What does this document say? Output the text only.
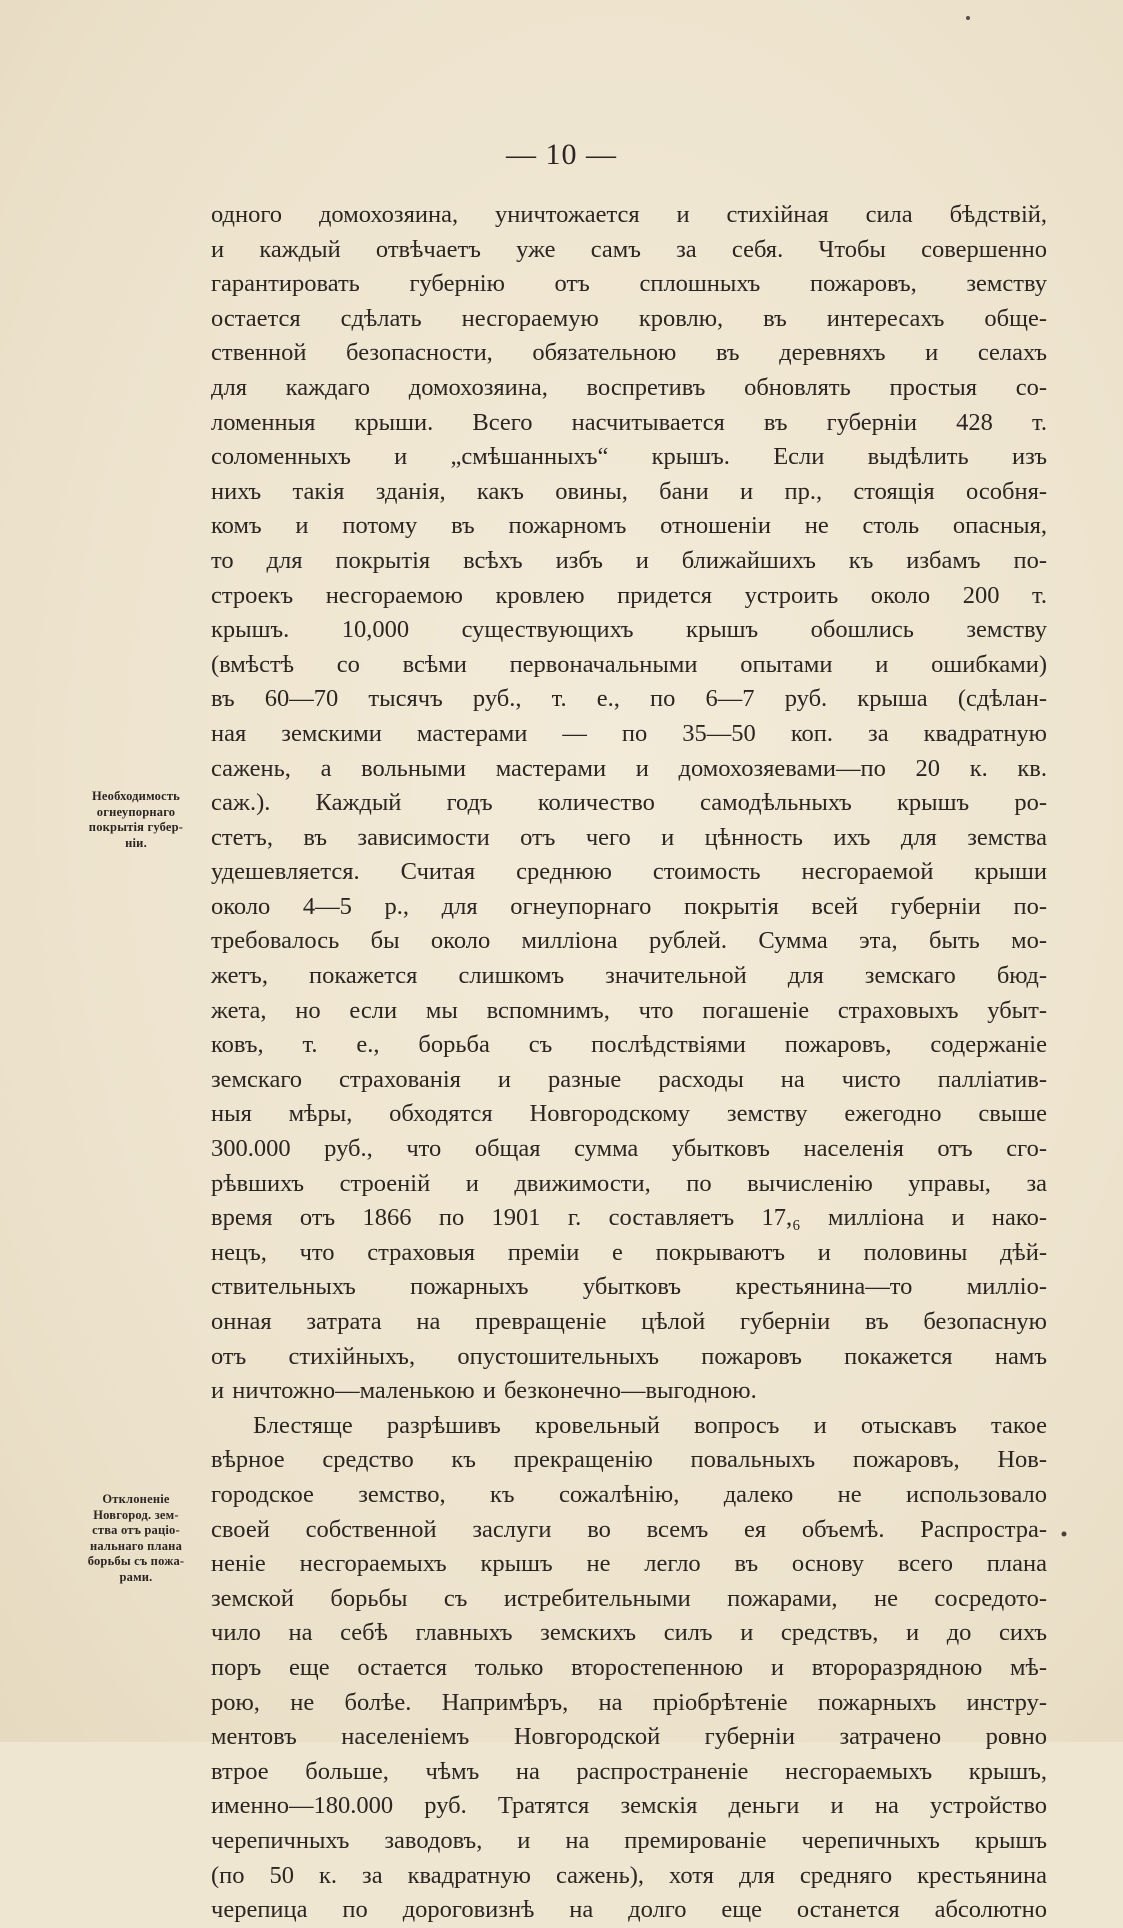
— 10 —
Необходимость
огнеупорнаго
покрытія губер-
ніи.
Отклоненіе
Новгород. зем-
ства отъ раціо-
нальнаго плана
борьбы съ пожа-
рами.
одного домохозяина, уничтожается и стихійная сила бѣдствій,
и каждый отвѣчаетъ уже самъ за себя. Чтобы совершенно
гарантировать губернію отъ сплошныхъ пожаровъ, земству
остается сдѣлать несгораемую кровлю, въ интересахъ обще-
ственной безопасности, обязательною въ деревняхъ и селахъ
для каждаго домохозяина, воспретивъ обновлять простыя со-
ломенныя крыши. Всего насчитывается въ губерніи 428 т.
соломенныхъ и „смѣшанныхъ“ крышъ. Если выдѣлить изъ
нихъ такія зданія, какъ овины, бани и пр., стоящія особня-
комъ и потому въ пожарномъ отношеніи не столь опасныя,
то для покрытія всѣхъ избъ и ближайшихъ къ избамъ по-
строекъ несгораемою кровлею придется устроить около 200 т.
крышъ. 10,000 существующихъ крышъ обошлись земству
(вмѣстѣ со всѣми первоначальными опытами и ошибками)
въ 60—70 тысячъ руб., т. е., по 6—7 руб. крыша (сдѣлан-
ная земскими мастерами — по 35—50 коп. за квадратную
сажень, а вольными мастерами и домохозяевами—по 20 к. кв.
саж.). Каждый годъ количество самодѣльныхъ крышъ ро-
стетъ, въ зависимости отъ чего и цѣнность ихъ для земства
удешевляется. Считая среднюю стоимость несгораемой крыши
около 4—5 р., для огнеупорнаго покрытія всей губерніи по-
требовалось бы около милліона рублей. Сумма эта, быть мо-
жетъ, покажется слишкомъ значительной для земскаго бюд-
жета, но если мы вспомнимъ, что погашеніе страховыхъ убыт-
ковъ, т. е., борьба съ послѣдствіями пожаровъ, содержаніе
земскаго страхованія и разные расходы на чисто палліатив-
ныя мѣры, обходятся Новгородскому земству ежегодно свыше
300.000 руб., что общая сумма убытковъ населенія отъ сго-
рѣвшихъ строеній и движимости, по вычисленію управы, за
время отъ 1866 по 1901 г. составляетъ 17,₆ милліона и нако-
нецъ, что страховыя преміи е покрываютъ и половины дѣй-
ствительныхъ пожарныхъ убытковъ крестьянина—то милліо-
онная затрата на превращеніе цѣлой губерніи въ безопасную
отъ стихійныхъ, опустошительныхъ пожаровъ покажется намъ
и ничтожно—маленькою и безконечно—выгодною.
Блестяще разрѣшивъ кровельный вопросъ и отыскавъ такое
вѣрное средство къ прекращенію повальныхъ пожаровъ, Нов-
городское земство, къ сожалѣнію, далеко не использовало
своей собственной заслуги во всемъ ея объемѣ. Распростра-
неніе несгораемыхъ крышъ не легло въ основу всего плана
земской борьбы съ истребительными пожарами, не сосредото-
чило на себѣ главныхъ земскихъ силъ и средствъ, и до сихъ
поръ еще остается только второстепенною и второразрядною мѣ-
рою, не болѣе. Напримѣръ, на пріобрѣтеніе пожарныхъ инстру-
ментовъ населеніемъ Новгородской губерніи затрачено ровно
втрое больше, чѣмъ на распространеніе несгораемыхъ крышъ,
именно—180.000 руб. Тратятся земскія деньги и на устройство
черепичныхъ заводовъ, и на премированіе черепичныхъ крышъ
(по 50 к. за квадратную сажень), хотя для средняго крестьянина
черепица по дороговизнѣ на долго еще останется абсолютно
